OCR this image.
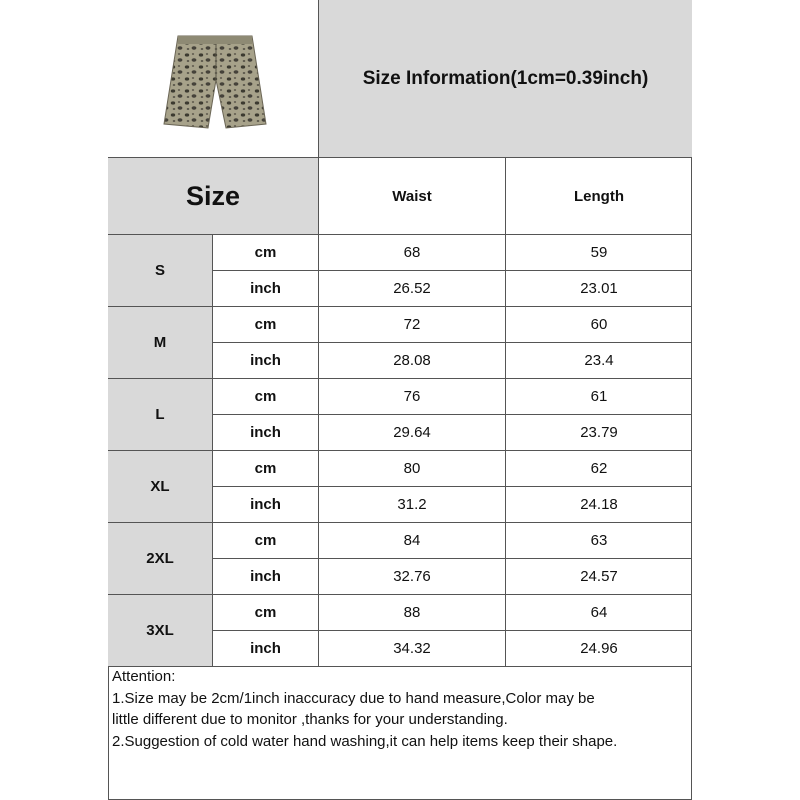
Size Information(1cm=0.39inch)
Size	Waist	Length
S
cm	68	59
inch	26.52	23.01
M
cm	72	60
inch	28.08	23.4
L
cm	76	61
inch	29.64	23.79
XL
cm	80	62
inch	31.2	24.18
2XL
cm	84	63
inch	32.76	24.57
3XL
cm	88	64
inch	34.32	24.96
Attention:
1.Size may be 2cm/1inch inaccuracy due to hand measure,Color may be
little different due to monitor ,thanks for your understanding.
2.Suggestion of cold water hand washing,it can help items keep their shape.
